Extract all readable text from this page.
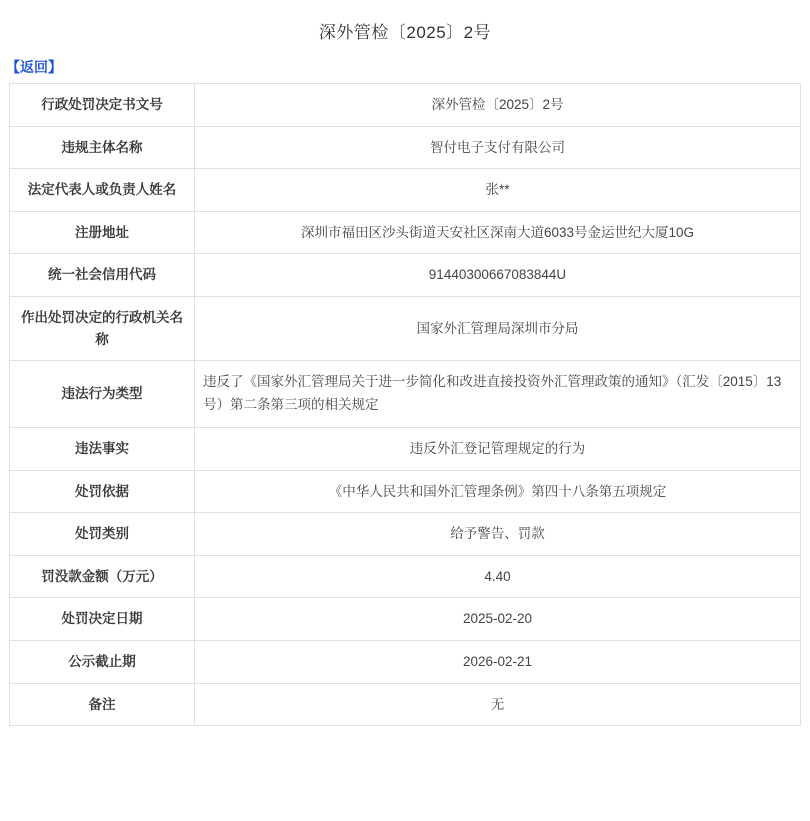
深外管检〔2025〕2号
【返回】
行政处罚决定书文号	深外管检〔2025〕2号
违规主体名称	智付电子支付有限公司
法定代表人或负责人姓名	张**
注册地址	深圳市福田区沙头街道天安社区深南大道6033号金运世纪大厦10G
统一社会信用代码	91440300667083844U
作出处罚决定的行政机关名称	国家外汇管理局深圳市分局
违法行为类型	违反了《国家外汇管理局关于进一步简化和改进直接投资外汇管理政策的通知》（汇发〔2015〕13号）第二条第三项的相关规定
违法事实	违反外汇登记管理规定的行为
处罚依据	《中华人民共和国外汇管理条例》第四十八条第五项规定
处罚类别	给予警告、罚款
罚没款金额（万元）	4.40
处罚决定日期	2025-02-20
公示截止期	2026-02-21
备注	无
